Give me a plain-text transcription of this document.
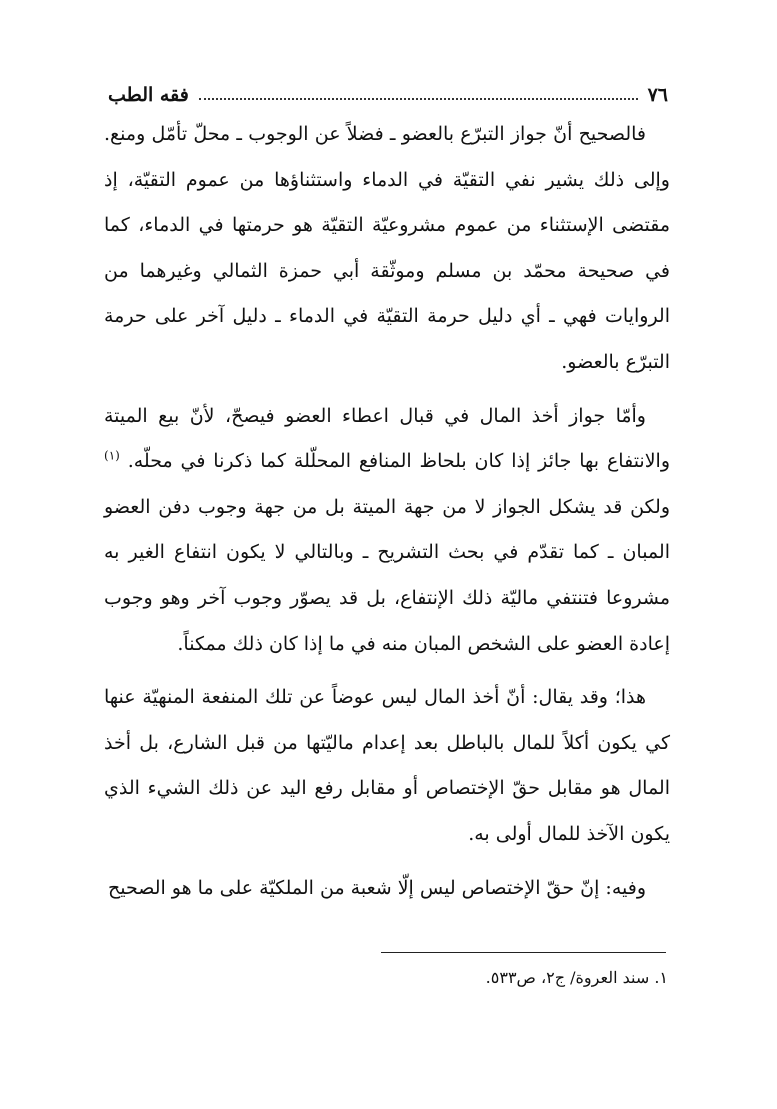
٧٦
فقه الطب

فالصحيح أنّ جواز التبرّع بالعضو ـ فضلاً عن الوجوب ـ محلّ تأمّل ومنع. وإلى ذلك يشير نفي التقيّة في الدماء واستثناؤها من عموم التقيّة، إذ مقتضى الإستثناء من عموم مشروعيّة التقيّة هو حرمتها في الدماء، كما في صحيحة محمّد بن مسلم وموثّقة أبي حمزة الثمالي وغيرهما من الروايات فهي ـ أي دليل حرمة التقيّة في الدماء ـ دليل آخر على حرمة التبرّع بالعضو.

وأمّا جواز أخذ المال في قبال اعطاء العضو فيصحّ، لأنّ بيع الميتة والانتفاع بها جائز إذا كان بلحاظ المنافع المحلّلة كما ذكرنا في محلّه. $^{(١)}$ ولكن قد يشكل الجواز لا من جهة الميتة بل من جهة وجوب دفن العضو المبان ـ كما تقدّم في بحث التشريح ـ وبالتالي لا يكون انتفاع الغير به مشروعا فتنتفي ماليّة ذلك الإنتفاع، بل قد يصوّر وجوب آخر وهو وجوب إعادة العضو على الشخص المبان منه في ما إذا كان ذلك ممكناً.

هذا؛ وقد يقال: أنّ أخذ المال ليس عوضاً عن تلك المنفعة المنهيّة عنها كي يكون أكلاً للمال بالباطل بعد إعدام ماليّتها من قبل الشارع، بل أخذ المال هو مقابل حقّ الإختصاص أو مقابل رفع اليد عن ذلك الشيء الذي يكون الآخذ للمال أولى به.

وفيه: إنّ حقّ الإختصاص ليس إلّا شعبة من الملكيّة على ما هو الصحيح

١. سند العروة/ ج٢، ص٥٣٣.
